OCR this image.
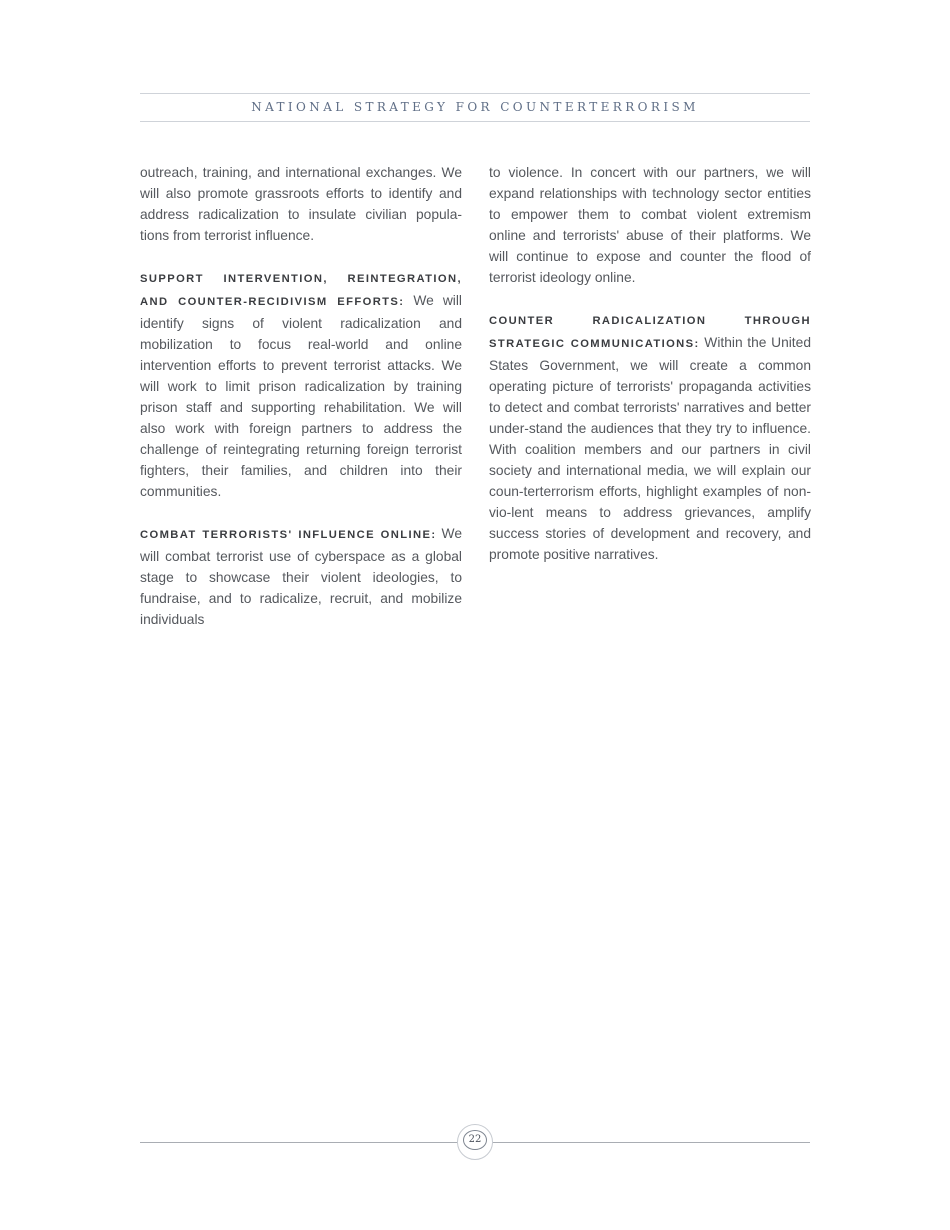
NATIONAL STRATEGY FOR COUNTERTERRORISM

outreach, training, and international exchanges. We will also promote grassroots efforts to identify and address radicalization to insulate civilian popula-tions from terrorist influence.

SUPPORT INTERVENTION, REINTEGRATION, AND COUNTER-RECIDIVISM EFFORTS: We will identify signs of violent radicalization and mobilization to focus real-world and online intervention efforts to prevent terrorist attacks. We will work to limit prison radicalization by training prison staff and supporting rehabilitation. We will also work with foreign partners to address the challenge of reintegrating returning foreign terrorist fighters, their families, and children into their communities.

COMBAT TERRORISTS' INFLUENCE ONLINE: We will combat terrorist use of cyberspace as a global stage to showcase their violent ideologies, to fundraise, and to radicalize, recruit, and mobilize individuals

to violence. In concert with our partners, we will expand relationships with technology sector entities to empower them to combat violent extremism online and terrorists' abuse of their platforms. We will continue to expose and counter the flood of terrorist ideology online.

COUNTER RADICALIZATION THROUGH STRATEGIC COMMUNICATIONS: Within the United States Government, we will create a common operating picture of terrorists' propaganda activities to detect and combat terrorists' narratives and better under-stand the audiences that they try to influence. With coalition members and our partners in civil society and international media, we will explain our coun-terterrorism efforts, highlight examples of non-vio-lent means to address grievances, amplify success stories of development and recovery, and promote positive narratives.

22
